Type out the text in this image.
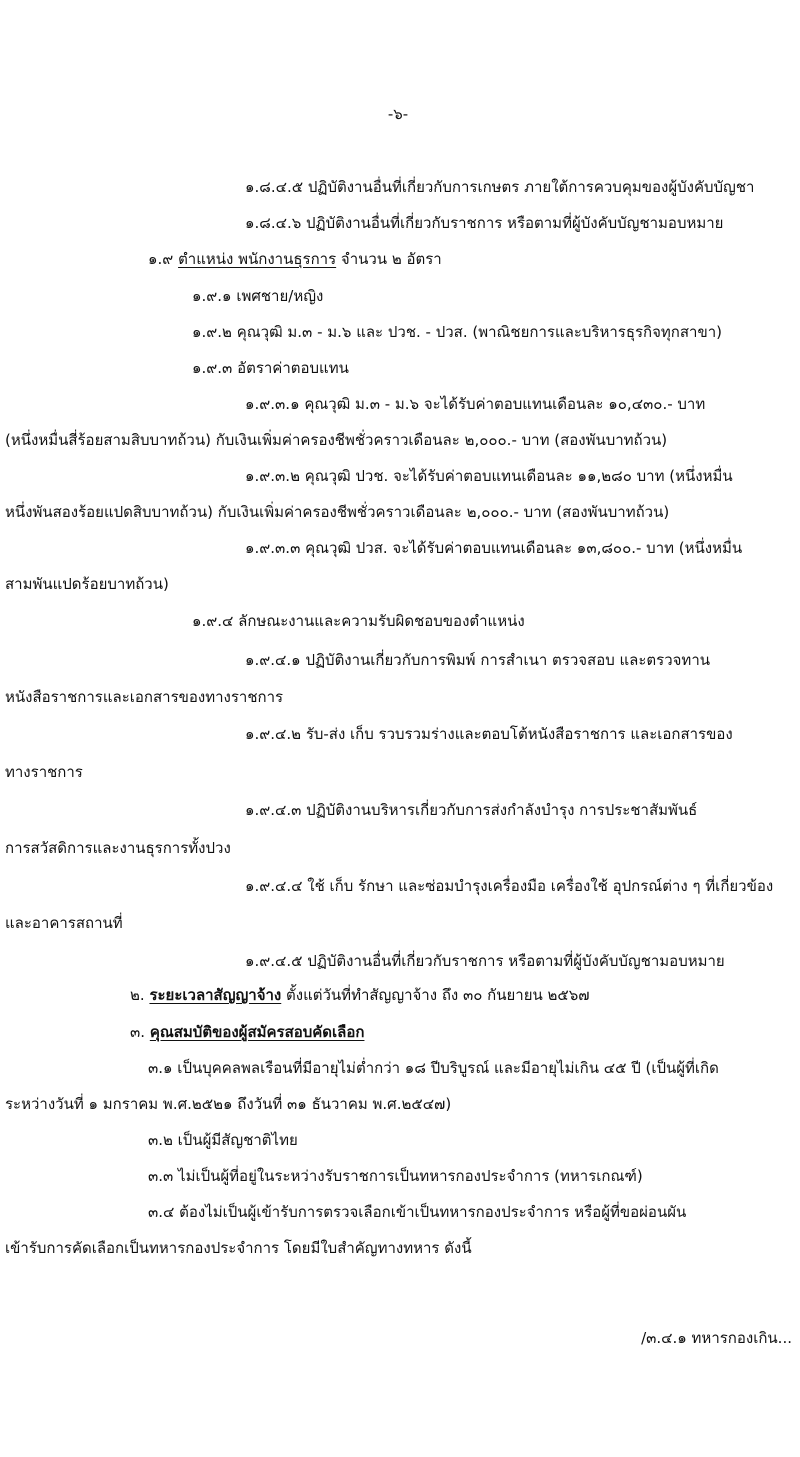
-๖-

๑.๘.๔.๕ ปฏิบัติงานอื่นที่เกี่ยวกับการเกษตร ภายใต้การควบคุมของผู้บังคับบัญชา

๑.๘.๔.๖ ปฏิบัติงานอื่นที่เกี่ยวกับราชการ หรือตามที่ผู้บังคับบัญชามอบหมาย

๑.๙ ตำแหน่ง พนักงานธุรการ จำนวน ๒ อัตรา

๑.๙.๑ เพศชาย/หญิง

๑.๙.๒ คุณวุฒิ ม.๓ - ม.๖ และ ปวช. - ปวส. (พาณิชยการและบริหารธุรกิจทุกสาขา)

๑.๙.๓ อัตราค่าตอบแทน

๑.๙.๓.๑ คุณวุฒิ ม.๓ - ม.๖ จะได้รับค่าตอบแทนเดือนละ ๑๐,๔๓๐.- บาท

(หนึ่งหมื่นสี่ร้อยสามสิบบาทถ้วน) กับเงินเพิ่มค่าครองชีพชั่วคราวเดือนละ ๒,๐๐๐.- บาท (สองพันบาทถ้วน)

๑.๙.๓.๒ คุณวุฒิ ปวช. จะได้รับค่าตอบแทนเดือนละ ๑๑,๒๘๐ บาท (หนึ่งหมื่น

หนึ่งพันสองร้อยแปดสิบบาทถ้วน) กับเงินเพิ่มค่าครองชีพชั่วคราวเดือนละ ๒,๐๐๐.- บาท (สองพันบาทถ้วน)

๑.๙.๓.๓ คุณวุฒิ ปวส. จะได้รับค่าตอบแทนเดือนละ ๑๓,๘๐๐.- บาท (หนึ่งหมื่น

สามพันแปดร้อยบาทถ้วน)

๑.๙.๔ ลักษณะงานและความรับผิดชอบของตำแหน่ง

๑.๙.๔.๑ ปฏิบัติงานเกี่ยวกับการพิมพ์ การสำเนา ตรวจสอบ และตรวจทาน

หนังสือราชการและเอกสารของทางราชการ

๑.๙.๔.๒ รับ-ส่ง เก็บ รวบรวมร่างและตอบโต้หนังสือราชการ และเอกสารของ

ทางราชการ

๑.๙.๔.๓ ปฏิบัติงานบริหารเกี่ยวกับการส่งกำลังบำรุง การประชาสัมพันธ์

การสวัสดิการและงานธุรการทั้งปวง

๑.๙.๔.๔ ใช้ เก็บ รักษา และซ่อมบำรุงเครื่องมือ เครื่องใช้ อุปกรณ์ต่าง ๆ ที่เกี่ยวข้อง

และอาคารสถานที่

๑.๙.๔.๕ ปฏิบัติงานอื่นที่เกี่ยวกับราชการ หรือตามที่ผู้บังคับบัญชามอบหมาย

๒. ระยะเวลาสัญญาจ้าง ตั้งแต่วันที่ทำสัญญาจ้าง ถึง ๓๐ กันยายน ๒๕๖๗

๓. คุณสมบัติของผู้สมัครสอบคัดเลือก

๓.๑ เป็นบุคคลพลเรือนที่มีอายุไม่ต่ำกว่า ๑๘ ปีบริบูรณ์ และมีอายุไม่เกิน ๔๕ ปี (เป็นผู้ที่เกิด

ระหว่างวันที่ ๑ มกราคม พ.ศ.๒๕๒๑ ถึงวันที่ ๓๑ ธันวาคม พ.ศ.๒๕๔๗)

๓.๒ เป็นผู้มีสัญชาติไทย

๓.๓ ไม่เป็นผู้ที่อยู่ในระหว่างรับราชการเป็นทหารกองประจำการ (ทหารเกณฑ์)

๓.๔ ต้องไม่เป็นผู้เข้ารับการตรวจเลือกเข้าเป็นทหารกองประจำการ หรือผู้ที่ขอผ่อนผัน

เข้ารับการคัดเลือกเป็นทหารกองประจำการ โดยมีใบสำคัญทางทหาร ดังนี้

/๓.๔.๑ ทหารกองเกิน...
